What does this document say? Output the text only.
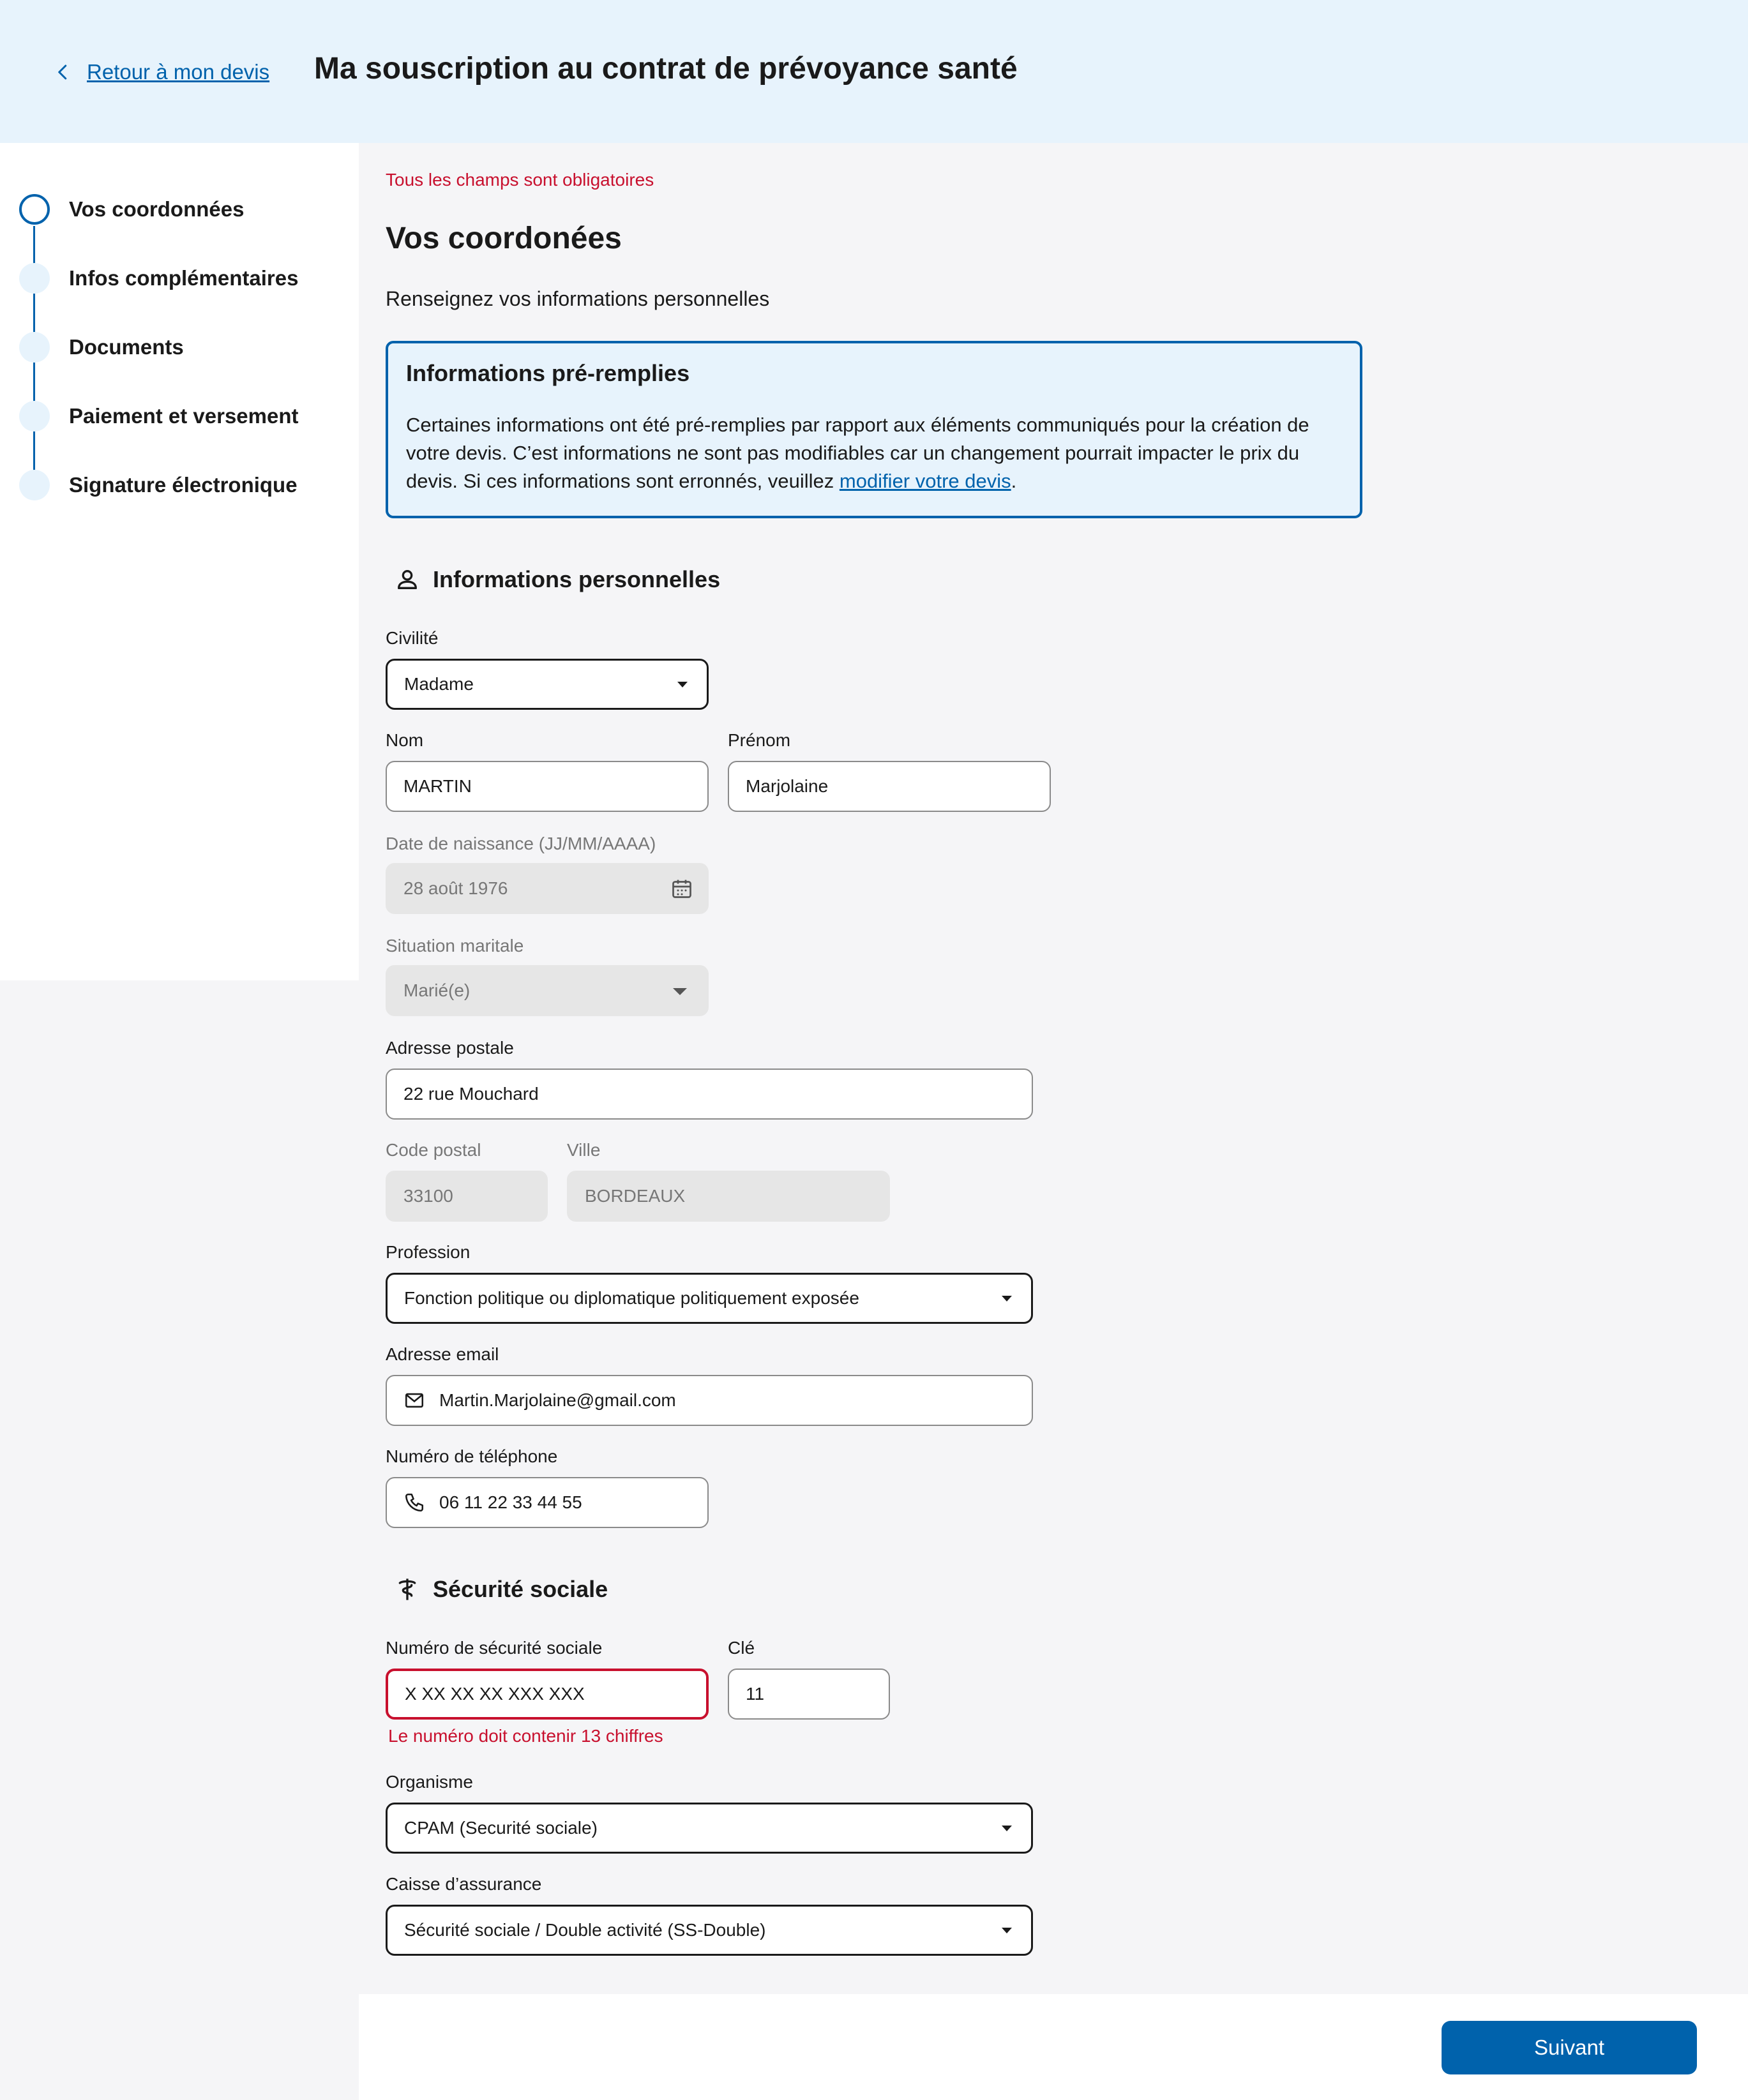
Retour à mon devis Ma souscription au contrat de prévoyance santé
Vos coordonnées
Infos complémentaires
Documents
Paiement et versement
Signature électronique
Tous les champs sont obligatoires
Vos coordonées
Renseignez vos informations personnelles
Informations pré-remplies

Certaines informations ont été pré-remplies par rapport aux éléments communiqués pour la création de votre devis. C’est informations ne sont pas modifiables car un changement pourrait impacter le prix du devis. Si ces informations sont erronnés, veuillez modifier votre devis.

Informations personnelles
Civilité
Madame
Nom
MARTIN
Prénom
Marjolaine
Date de naissance (JJ/MM/AAAA)
28 août 1976
Situation maritale
Marié(e)
Adresse postale
22 rue Mouchard
Code postal
33100
Ville
BORDEAUX
Profession
Fonction politique ou diplomatique politiquement exposée
Adresse email
Martin.Marjolaine@gmail.com
Numéro de téléphone
06 11 22 33 44 55
Sécurité sociale
Numéro de sécurité sociale
X XX XX XX XXX XXX
Le numéro doit contenir 13 chiffres
Clé
11
Organisme
CPAM (Securité sociale)
Caisse d’assurance
Sécurité sociale / Double activité (SS-Double)
Suivant
